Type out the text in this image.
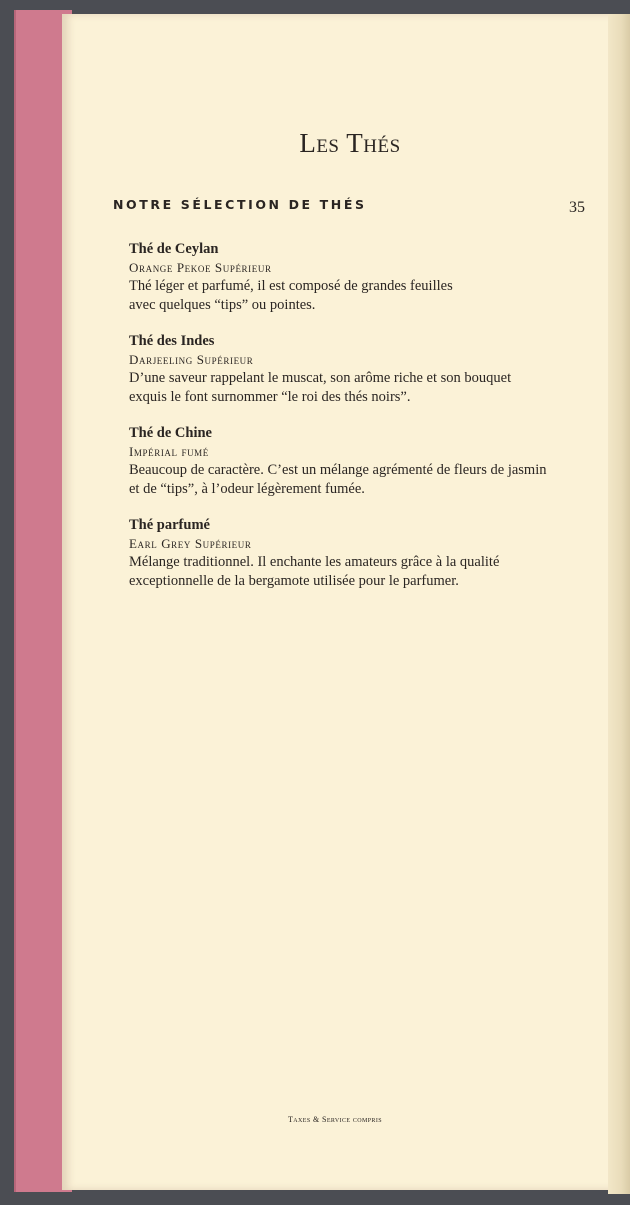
Les Thés
NOTRE SÉLECTION DE THÉS	35
Thé de Ceylan
Orange Pekoe Supérieur
Thé léger et parfumé, il est composé de grandes feuilles
avec quelques “tips” ou pointes.
Thé des Indes
Darjeeling Supérieur
D’une saveur rappelant le muscat, son arôme riche et son bouquet
exquis le font surnommer “le roi des thés noirs”.
Thé de Chine
Impérial fumé
Beaucoup de caractère. C’est un mélange agrémenté de fleurs de jasmin
et de “tips”, à l’odeur légèrement fumée.
Thé parfumé
Earl Grey Supérieur
Mélange traditionnel. Il enchante les amateurs grâce à la qualité
exceptionnelle de la bergamote utilisée pour le parfumer.
Taxes & Service compris
